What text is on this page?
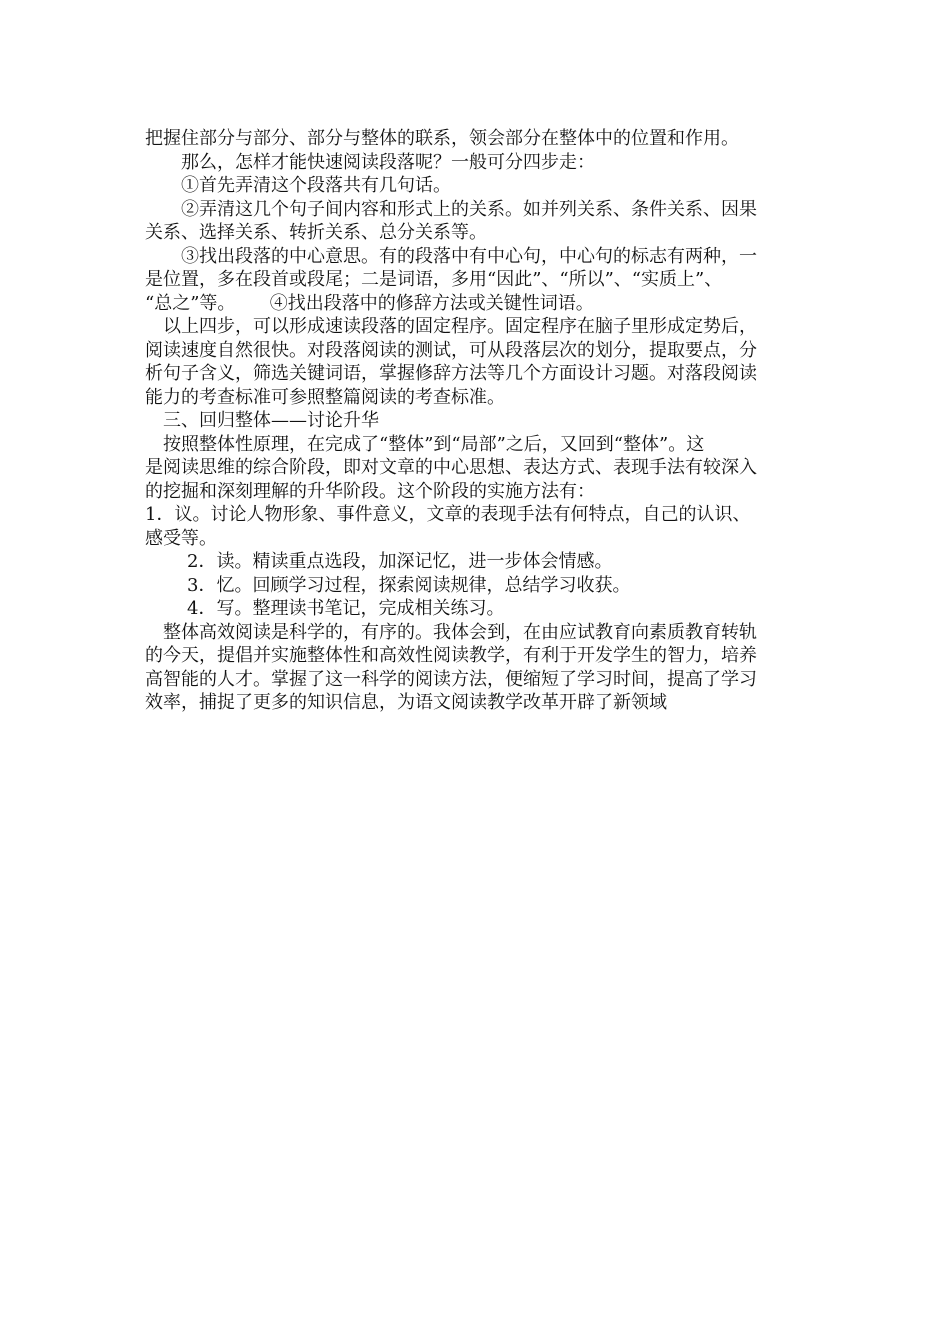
把握住部分与部分、部分与整体的联系，领会部分在整体中的位置和作用。
那么，怎样才能快速阅读段落呢？一般可分四步走：
①首先弄清这个段落共有几句话。
②弄清这几个句子间内容和形式上的关系。如并列关系、条件关系、因果
关系、选择关系、转折关系、总分关系等。
③找出段落的中心意思。有的段落中有中心句，中心句的标志有两种，一
是位置，多在段首或段尾；二是词语，多用“因此”、“所以”、“实质上”、
“总之”等。      ④找出段落中的修辞方法或关键性词语。
以上四步，可以形成速读段落的固定程序。固定程序在脑子里形成定势后，
阅读速度自然很快。对段落阅读的测试，可从段落层次的划分，提取要点，分
析句子含义，筛选关键词语，掌握修辞方法等几个方面设计习题。对落段阅读
能力的考查标准可参照整篇阅读的考查标准。
三、回归整体——讨论升华
按照整体性原理，在完成了“整体”到“局部”之后，又回到“整体”。这
是阅读思维的综合阶段，即对文章的中心思想、表达方式、表现手法有较深入
的挖掘和深刻理解的升华阶段。这个阶段的实施方法有：
1．议。讨论人物形象、事件意义，文章的表现手法有何特点，自己的认识、
感受等。
2．读。精读重点选段，加深记忆，进一步体会情感。
3．忆。回顾学习过程，探索阅读规律，总结学习收获。
4．写。整理读书笔记，完成相关练习。
整体高效阅读是科学的，有序的。我体会到，在由应试教育向素质教育转轨
的今天，提倡并实施整体性和高效性阅读教学，有利于开发学生的智力，培养
高智能的人才。掌握了这一科学的阅读方法，便缩短了学习时间，提高了学习
效率，捕捉了更多的知识信息，为语文阅读教学改革开辟了新领域
